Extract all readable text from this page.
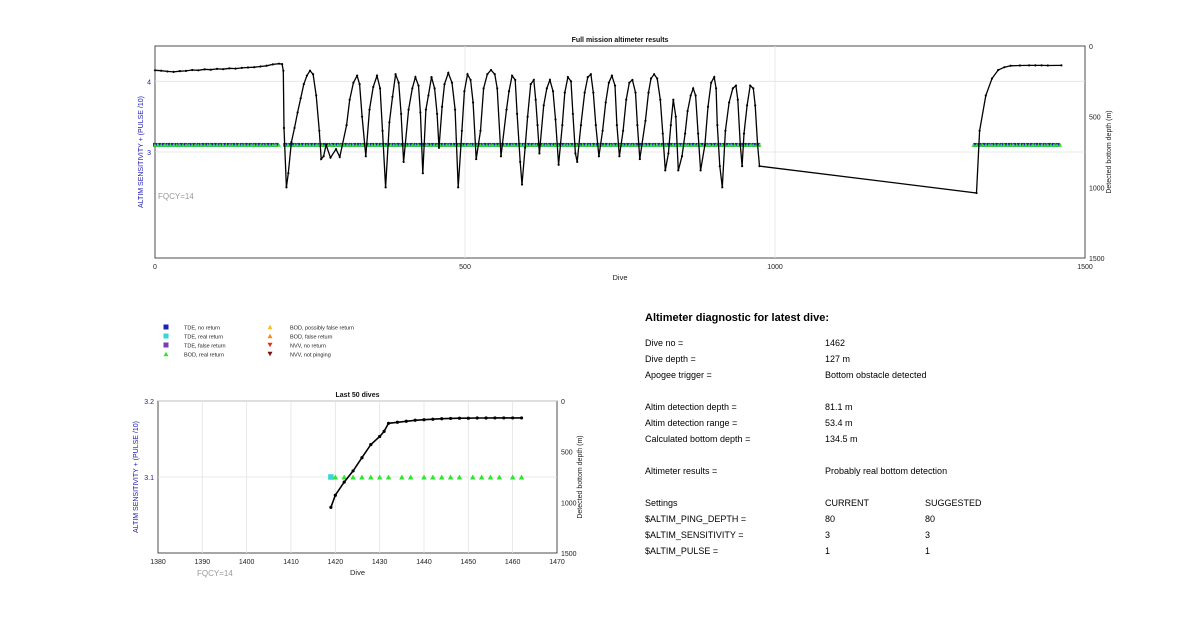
0	500	1000	1500
3
4
0
500
1000
1500
Full mission altimeter results
Dive
ALTIM SENSITIVITY + (PULSE /10)	Detected bottom depth (m)
FQCY=14
TDE, no return
TDE, real return
TDE, false return
BOD, real return
BOD, possibly false return
BOD, false return
NVV, no return
NVV, not pinging
1380	1390	1400	1410	1420	1430	1440	1450	1460	1470
3.1
3.2	0
500
1000
1500
Last 50 dives
Dive
ALTIM SENSITIVITY + (PULSE /10)	Detected bottom depth (m)
FQCY=14
Altimeter diagnostic for latest dive:
Dive no =	1462
Dive depth =	127 m
Apogee trigger =	Bottom obstacle detected
Altim detection depth =	81.1 m
Altim detection range =	53.4 m
Calculated bottom depth =	134.5 m
Altimeter results =	Probably real bottom detection
Settings	CURRENT	SUGGESTED
$ALTIM_PING_DEPTH =	80	80
$ALTIM_SENSITIVITY =	3	3
$ALTIM_PULSE =	1	1
